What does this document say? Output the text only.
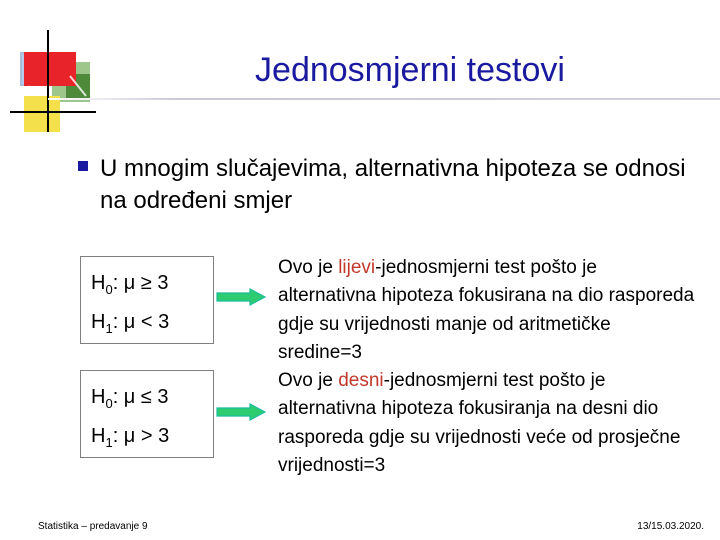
Jednosmjerni testovi
U mnogim slučajevima, alternativna hipoteza se odnosi na određeni smjer
$H_0$: μ ≥ 3
$H_1$: μ < 3
$H_0$: μ ≤ 3
$H_1$: μ > 3
Ovo je lijevi-jednosmjerni test pošto je alternativna hipoteza fokusirana na dio rasporeda gdje su vrijednosti manje od aritmetičke sredine=3
Ovo je desni-jednosmjerni test pošto je alternativna hipoteza fokusiranja na desni dio rasporeda gdje su vrijednosti veće od prosječne vrijednosti=3
Statistika – predavanje 9	13/15.03.2020.
